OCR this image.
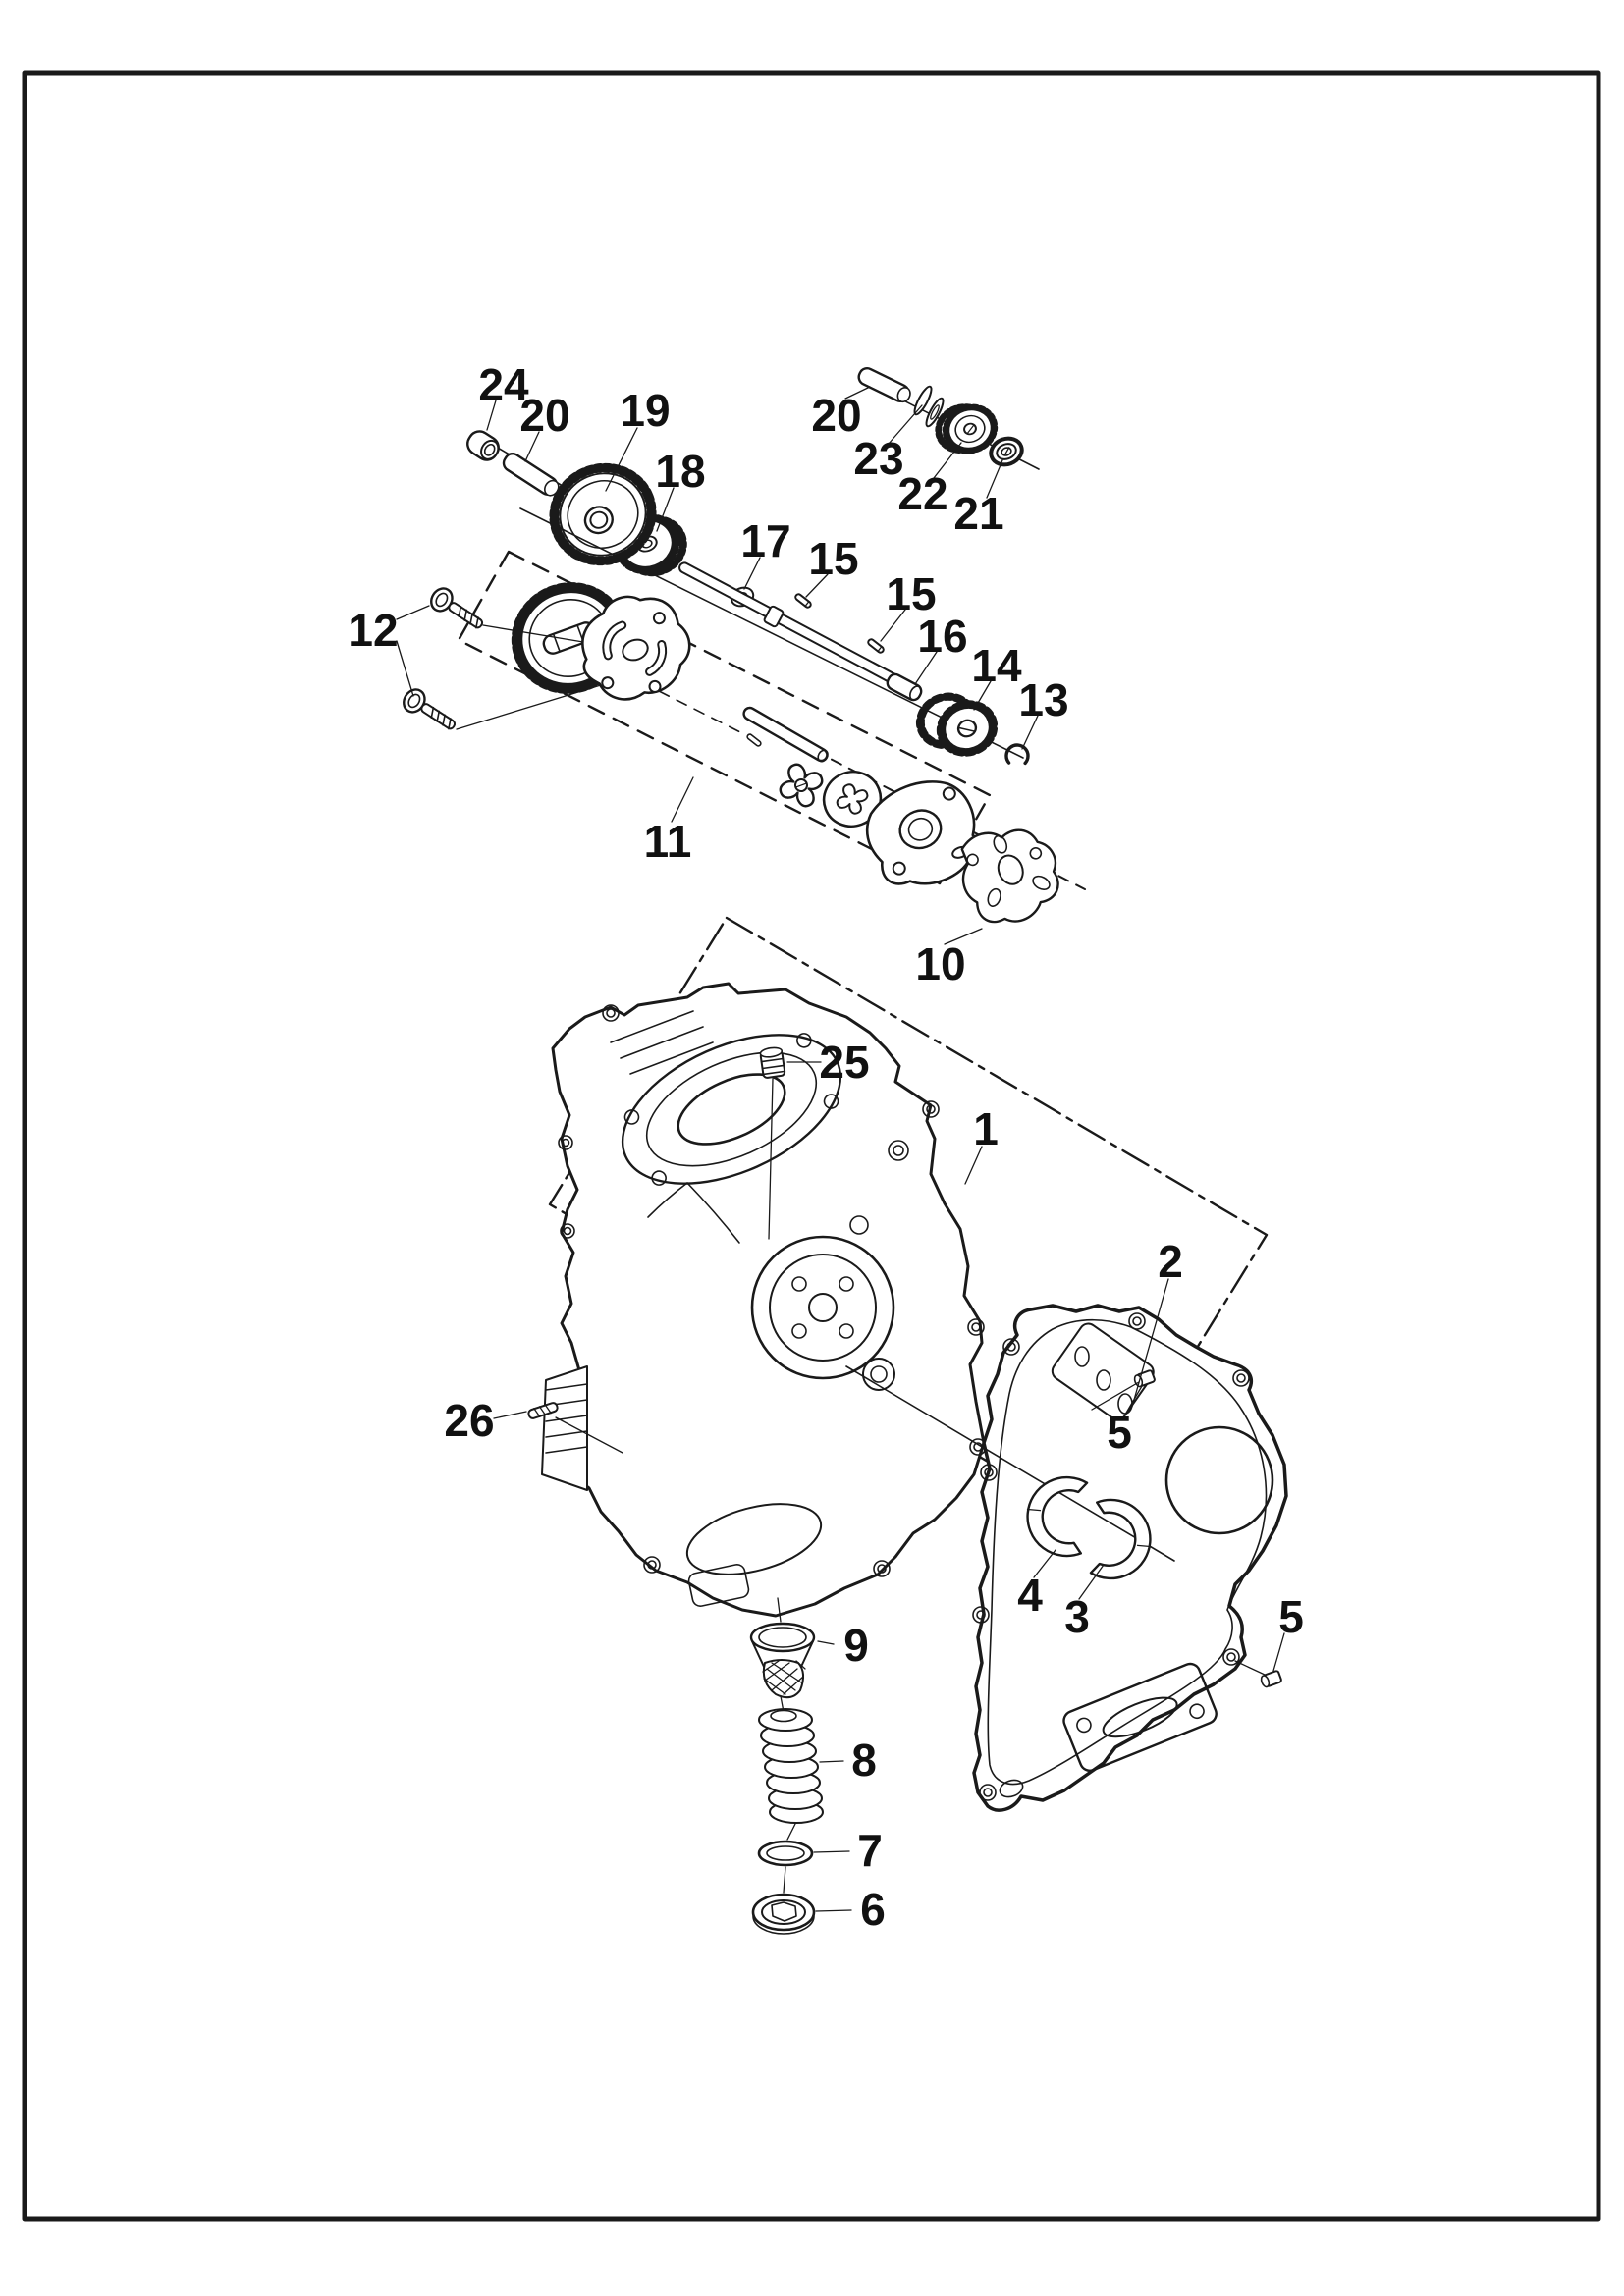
24
20 19
18
20
23
22 21
17 15
15
16
14
13
12
11
10
25
1
2
5
26
4 3	5
9
8
7
6
